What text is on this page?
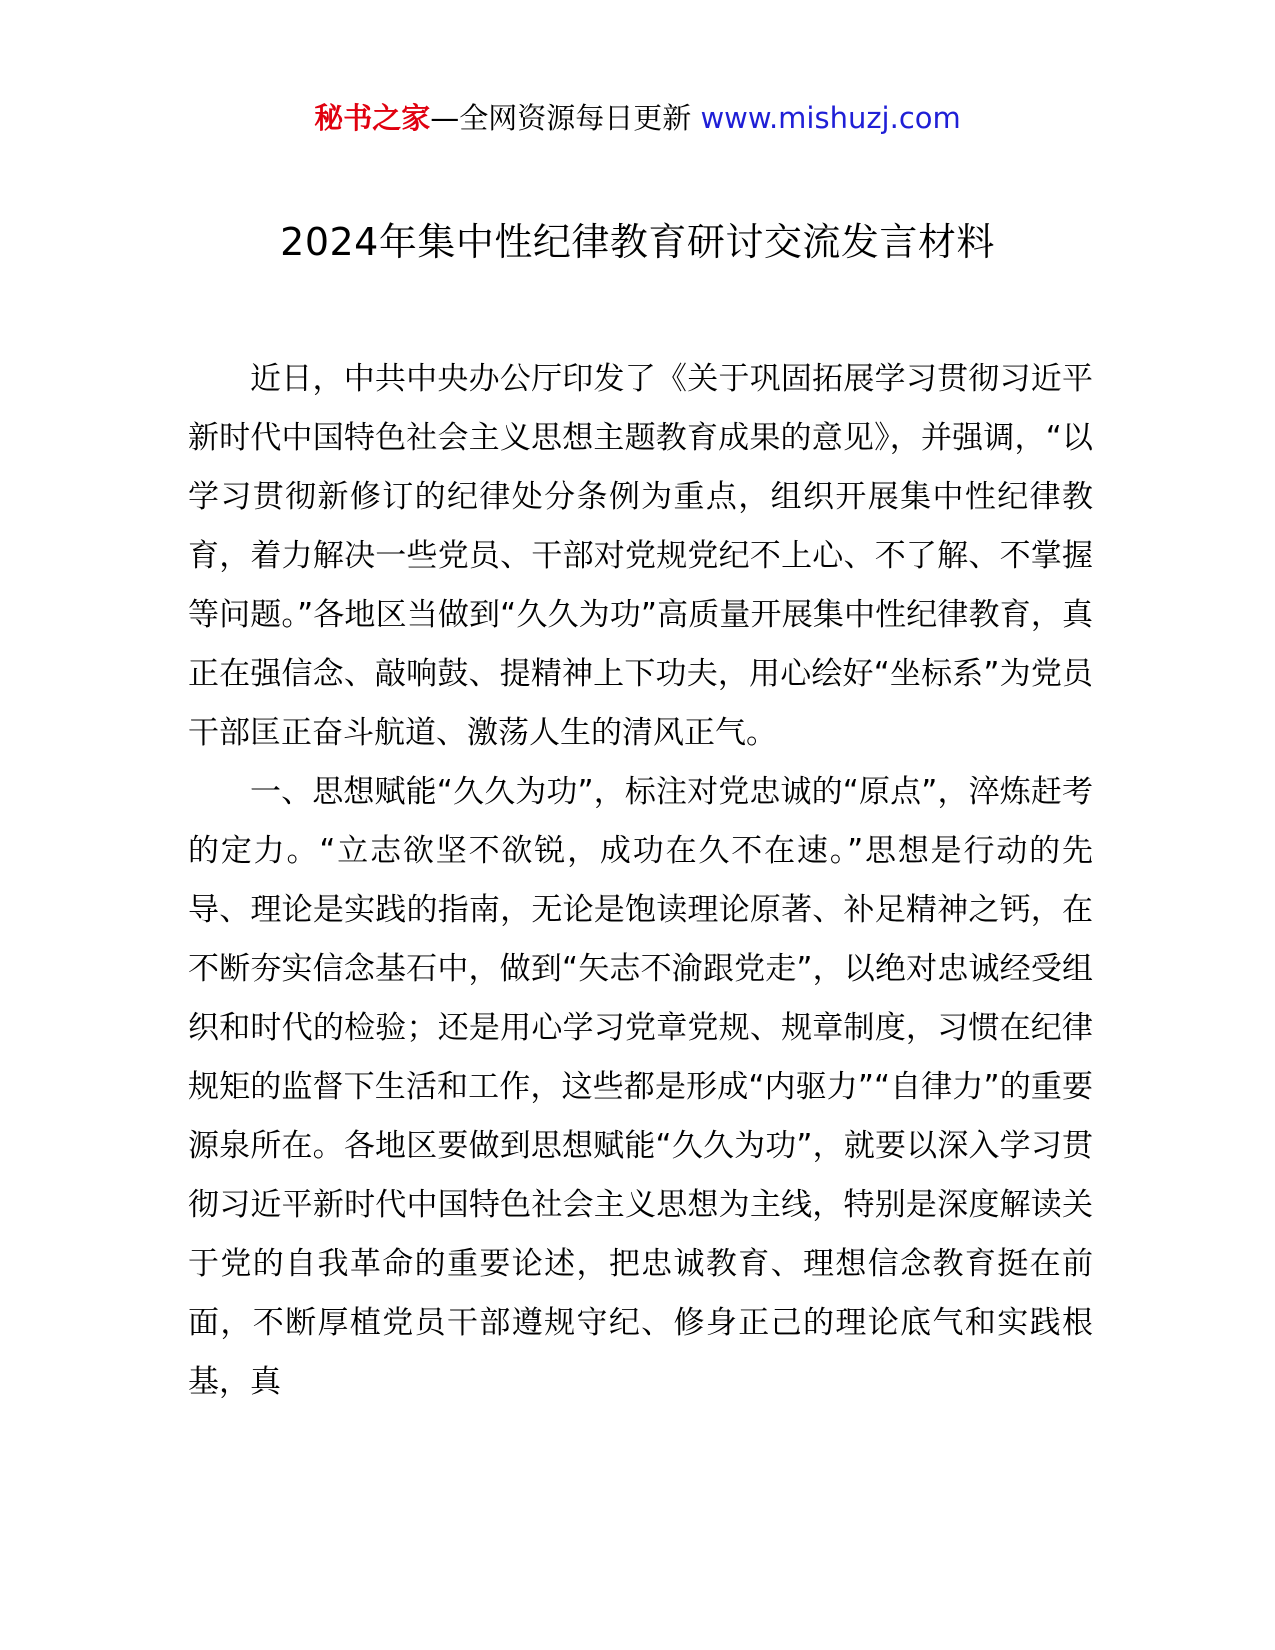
秘书之家—全网资源每日更新 www.mishuzj.com
2024年集中性纪律教育研讨交流发言材料

近日，中共中央办公厅印发了《关于巩固拓展学习贯彻习近平新时代中国特色社会主义思想主题教育成果的意见》，并强调，“以学习贯彻新修订的纪律处分条例为重点，组织开展集中性纪律教育，着力解决一些党员、干部对党规党纪不上心、不了解、不掌握等问题。”各地区当做到“久久为功”高质量开展集中性纪律教育，真正在强信念、敲响鼓、提精神上下功夫，用心绘好“坐标系”为党员干部匡正奋斗航道、激荡人生的清风正气。

一、思想赋能“久久为功”，标注对党忠诚的“原点”，淬炼赶考的定力。“立志欲坚不欲锐，成功在久不在速。”思想是行动的先导、理论是实践的指南，无论是饱读理论原著、补足精神之钙，在不断夯实信念基石中，做到“矢志不渝跟党走”，以绝对忠诚经受组织和时代的检验；还是用心学习党章党规、规章制度，习惯在纪律规矩的监督下生活和工作，这些都是形成“内驱力”“自律力”的重要源泉所在。各地区要做到思想赋能“久久为功”，就要以深入学习贯彻习近平新时代中国特色社会主义思想为主线，特别是深度解读关于党的自我革命的重要论述，把忠诚教育、理想信念教育挺在前面，不断厚植党员干部遵规守纪、修身正己的理论底气和实践根基，真
